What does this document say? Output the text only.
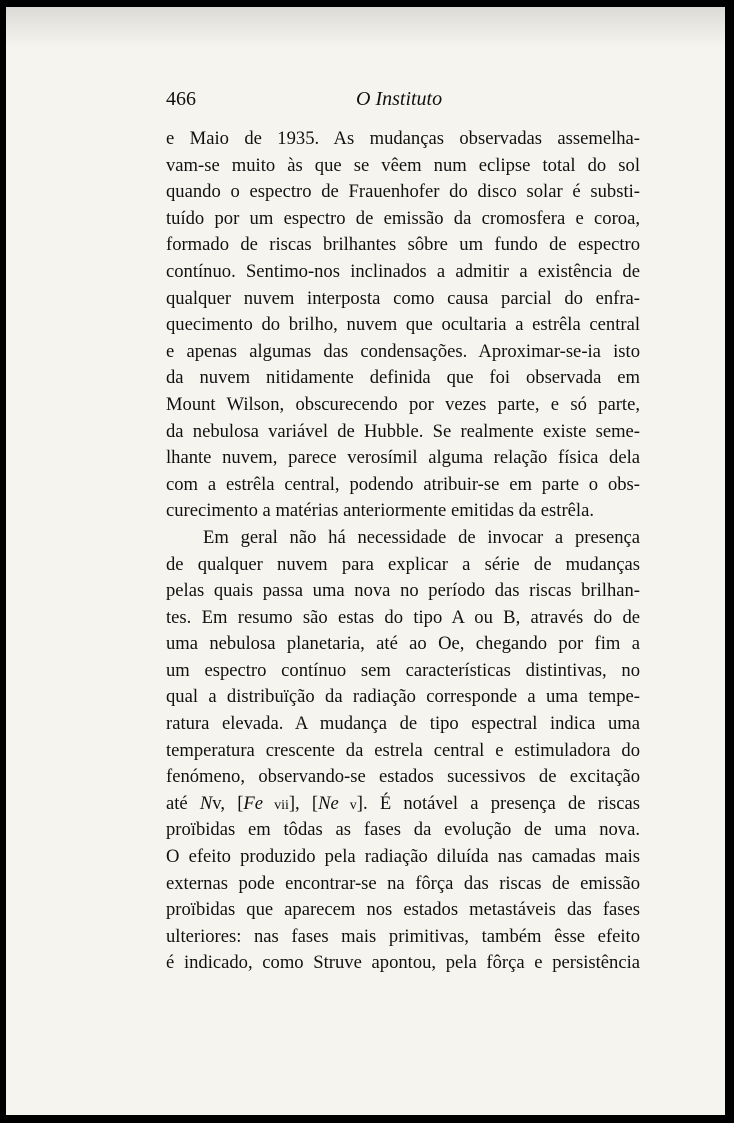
466	O Instituto
e Maio de 1935. As mudanças observadas assemelha-
vam-se muito às que se vêem num eclipse total do sol
quando o espectro de Frauenhofer do disco solar é substi-
tuído por um espectro de emissão da cromosfera e coroa,
formado de riscas brilhantes sôbre um fundo de espectro
contínuo. Sentimo-nos inclinados a admitir a existência de
qualquer nuvem interposta como causa parcial do enfra-
quecimento do brilho, nuvem que ocultaria a estrêla central
e apenas algumas das condensações. Aproximar-se-ia isto
da nuvem nitidamente definida que foi observada em
Mount Wilson, obscurecendo por vezes parte, e só parte,
da nebulosa variável de Hubble. Se realmente existe seme-
lhante nuvem, parece verosímil alguma relação física dela
com a estrêla central, podendo atribuir-se em parte o obs-
curecimento a matérias anteriormente emitidas da estrêla.
Em geral não há necessidade de invocar a presença
de qualquer nuvem para explicar a série de mudanças
pelas quais passa uma nova no período das riscas brilhan-
tes. Em resumo são estas do tipo A ou B, através do de
uma nebulosa planetaria, até ao Oe, chegando por fim a
um espectro contínuo sem características distintivas, no
qual a distribuïção da radiação corresponde a uma tempe-
ratura elevada. A mudança de tipo espectral indica uma
temperatura crescente da estrela central e estimuladora do
fenómeno, observando-se estados sucessivos de excitação
até Nv, [Fe vii], [Ne v]. É notável a presença de riscas
proïbidas em tôdas as fases da evolução de uma nova.
O efeito produzido pela radiação diluída nas camadas mais
externas pode encontrar-se na fôrça das riscas de emissão
proïbidas que aparecem nos estados metastáveis das fases
ulteriores: nas fases mais primitivas, também êsse efeito
é indicado, como Struve apontou, pela fôrça e persistência
